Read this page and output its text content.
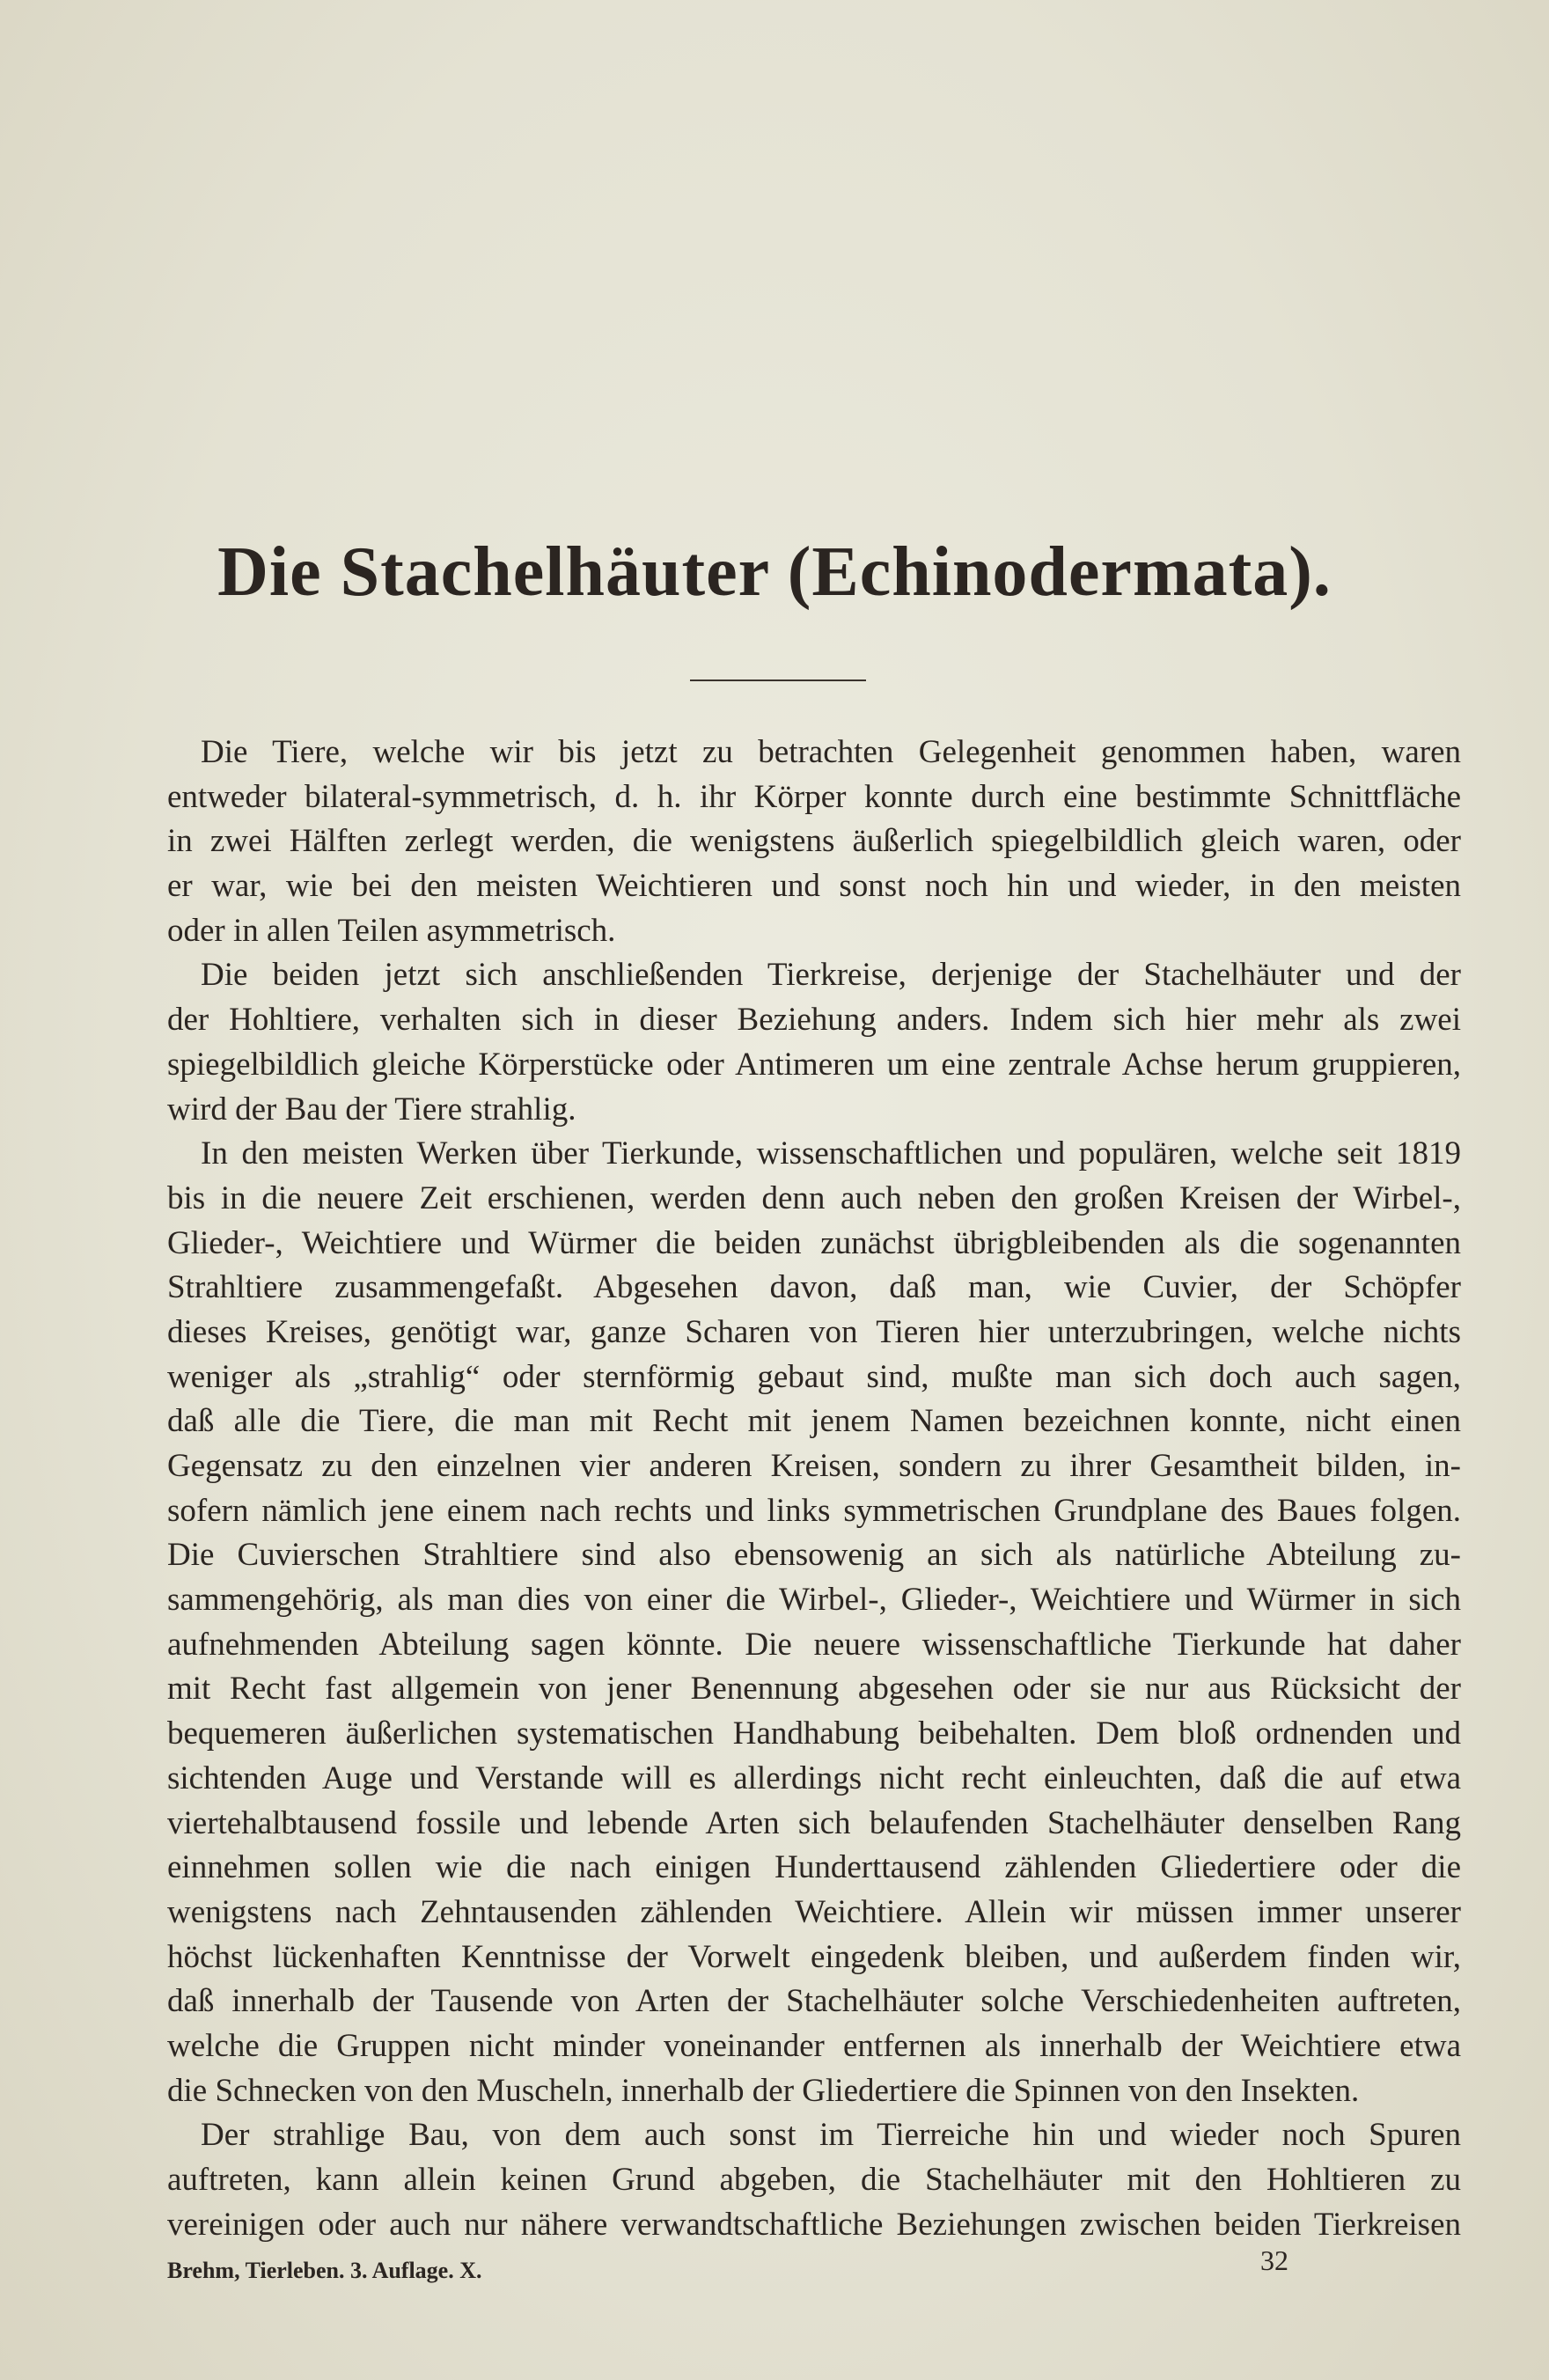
Die Stachelhäuter (Echinodermata).
Die Tiere, welche wir bis jetzt zu betrachten Gelegenheit genommen haben, waren
entweder bilateral-symmetrisch, d. h. ihr Körper konnte durch eine bestimmte Schnittfläche
in zwei Hälften zerlegt werden, die wenigstens äußerlich spiegelbildlich gleich waren, oder
er war, wie bei den meisten Weichtieren und sonst noch hin und wieder, in den meisten
oder in allen Teilen asymmetrisch.
Die beiden jetzt sich anschließenden Tierkreise, derjenige der Stachelhäuter und der
der Hohltiere, verhalten sich in dieser Beziehung anders. Indem sich hier mehr als zwei
spiegelbildlich gleiche Körperstücke oder Antimeren um eine zentrale Achse herum gruppieren,
wird der Bau der Tiere strahlig.
In den meisten Werken über Tierkunde, wissenschaftlichen und populären, welche seit 1819
bis in die neuere Zeit erschienen, werden denn auch neben den großen Kreisen der Wirbel-,
Glieder-, Weichtiere und Würmer die beiden zunächst übrigbleibenden als die sogenannten
Strahltiere zusammengefaßt. Abgesehen davon, daß man, wie Cuvier, der Schöpfer
dieses Kreises, genötigt war, ganze Scharen von Tieren hier unterzubringen, welche nichts
weniger als „strahlig“ oder sternförmig gebaut sind, mußte man sich doch auch sagen,
daß alle die Tiere, die man mit Recht mit jenem Namen bezeichnen konnte, nicht einen
Gegensatz zu den einzelnen vier anderen Kreisen, sondern zu ihrer Gesamtheit bilden, in-
sofern nämlich jene einem nach rechts und links symmetrischen Grundplane des Baues folgen.
Die Cuvierschen Strahltiere sind also ebensowenig an sich als natürliche Abteilung zu-
sammengehörig, als man dies von einer die Wirbel-, Glieder-, Weichtiere und Würmer in sich
aufnehmenden Abteilung sagen könnte. Die neuere wissenschaftliche Tierkunde hat daher
mit Recht fast allgemein von jener Benennung abgesehen oder sie nur aus Rücksicht der
bequemeren äußerlichen systematischen Handhabung beibehalten. Dem bloß ordnenden und
sichtenden Auge und Verstande will es allerdings nicht recht einleuchten, daß die auf etwa
viertehalbtausend fossile und lebende Arten sich belaufenden Stachelhäuter denselben Rang
einnehmen sollen wie die nach einigen Hunderttausend zählenden Gliedertiere oder die
wenigstens nach Zehntausenden zählenden Weichtiere. Allein wir müssen immer unserer
höchst lückenhaften Kenntnisse der Vorwelt eingedenk bleiben, und außerdem finden wir,
daß innerhalb der Tausende von Arten der Stachelhäuter solche Verschiedenheiten auftreten,
welche die Gruppen nicht minder voneinander entfernen als innerhalb der Weichtiere etwa
die Schnecken von den Muscheln, innerhalb der Gliedertiere die Spinnen von den Insekten.
Der strahlige Bau, von dem auch sonst im Tierreiche hin und wieder noch Spuren
auftreten, kann allein keinen Grund abgeben, die Stachelhäuter mit den Hohltieren zu
vereinigen oder auch nur nähere verwandtschaftliche Beziehungen zwischen beiden Tierkreisen
Brehm, Tierleben. 3. Auflage. X.	32
